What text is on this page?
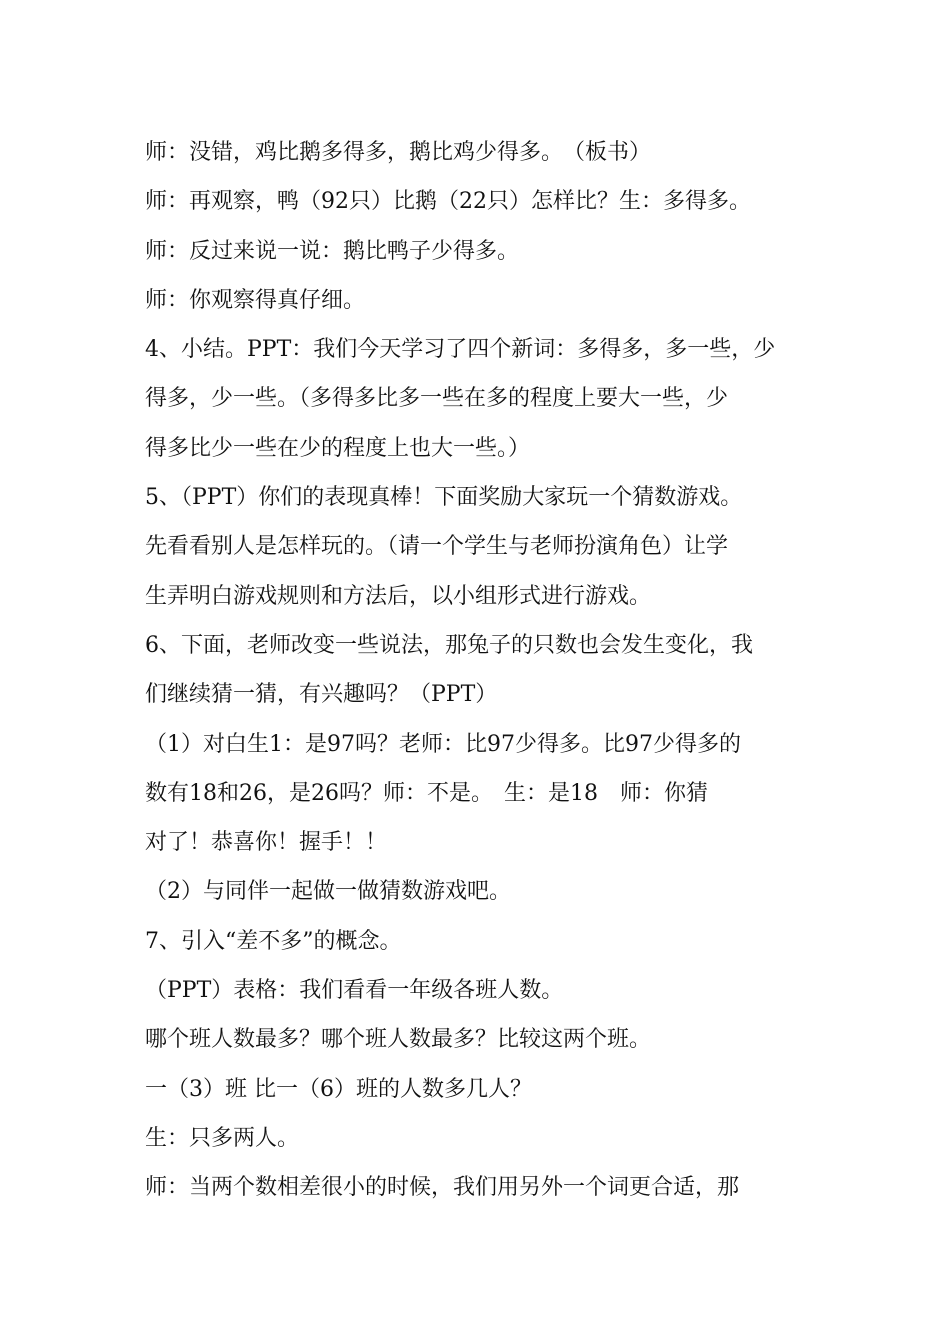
师：没错，鸡比鹅多得多，鹅比鸡少得多。　（板书）
师：再观察，鸭（92只）比鹅（22只）怎样比？生：多得多。
师：反过来说一说：鹅比鸭子少得多。
师：你观察得真仔细。
4、小结。PPT：我们今天学习了四个新词：多得多，多一些，少
得多，少一些。（多得多比多一些在多的程度上要大一些，少
得多比少一些在少的程度上也大一些。）
5、（PPT）你们的表现真棒！下面奖励大家玩一个猜数游戏。
先看看别人是怎样玩的。（请一个学生与老师扮演角色）让学
生弄明白游戏规则和方法后，以小组形式进行游戏。
6、下面，老师改变一些说法，那兔子的只数也会发生变化，我
们继续猜一猜，有兴趣吗？（PPT）
（1）对白生1：是97吗？老师：比97少得多。比97少得多的
数有18和26，是26吗？师：不是。　生：是18　师：你猜
对了！恭喜你！握手！！
（2）与同伴一起做一做猜数游戏吧。
7、引入“差不多”的概念。
（PPT）表格：我们看看一年级各班人数。
哪个班人数最多？哪个班人数最多？比较这两个班。
一（3）班 比一（6）班的人数多几人？
生：只多两人。
师：当两个数相差很小的时候，我们用另外一个词更合适，那
